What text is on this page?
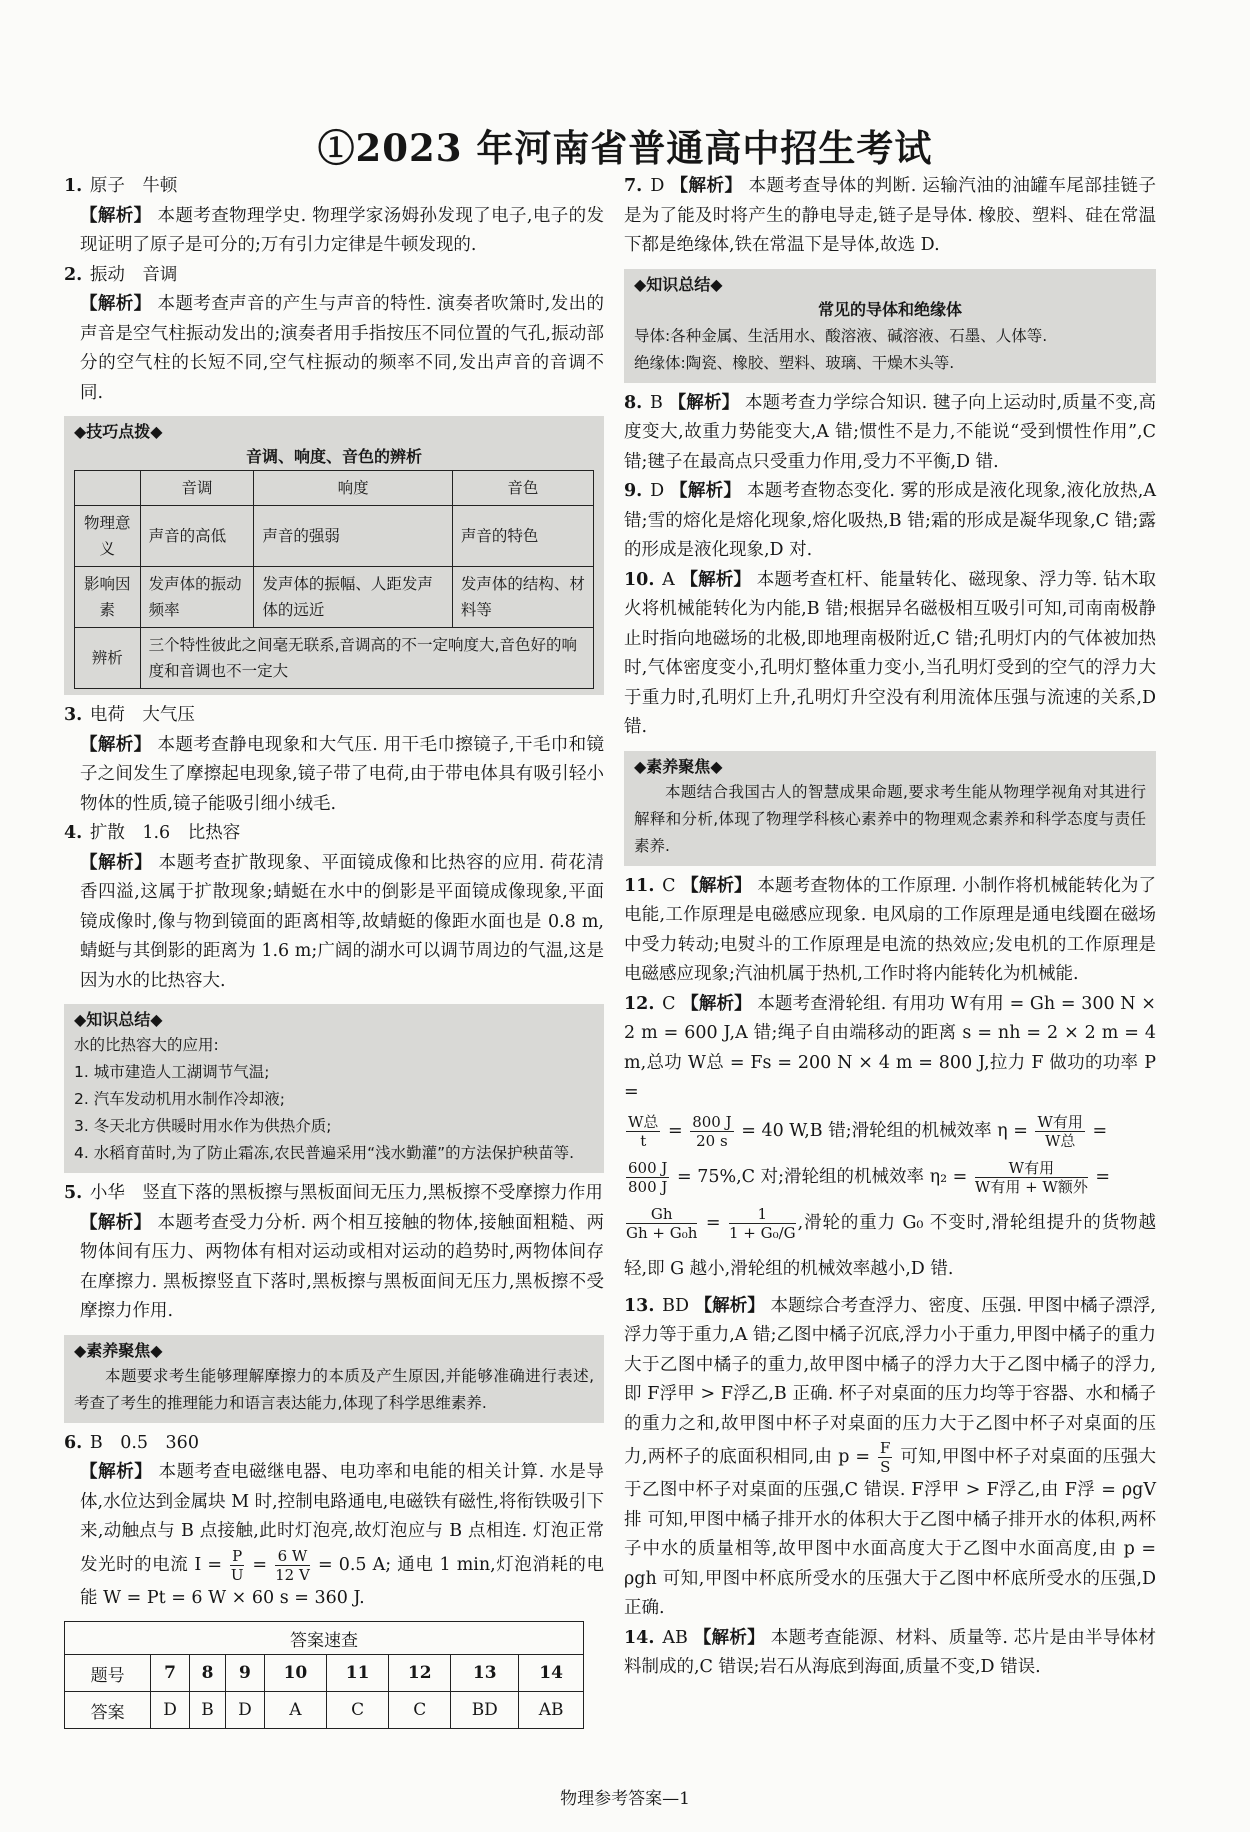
①2023 年河南省普通高中招生考试

1. 原子　牛顿

【解析】 本题考查物理学史. 物理学家汤姆孙发现了电子,电子的发现证明了原子是可分的;万有引力定律是牛顿发现的.

2. 振动　音调

【解析】 本题考查声音的产生与声音的特性. 演奏者吹箫时,发出的声音是空气柱振动发出的;演奏者用手指按压不同位置的气孔,振动部分的空气柱的长短不同,空气柱振动的频率不同,发出声音的音调不同.

◆技巧点拨◆
音调、响度、音色的辨析
	音调	响度	音色
物理意义	声音的高低	声音的强弱	声音的特色
影响因素	发声体的振动频率	发声体的振幅、人距发声体的远近	发声体的结构、材料等
辨析	三个特性彼此之间毫无联系,音调高的不一定响度大,音色好的响度和音调也不一定大		

3. 电荷　大气压

【解析】 本题考查静电现象和大气压. 用干毛巾擦镜子,干毛巾和镜子之间发生了摩擦起电现象,镜子带了电荷,由于带电体具有吸引轻小物体的性质,镜子能吸引细小绒毛.

4. 扩散　1.6　比热容

【解析】 本题考查扩散现象、平面镜成像和比热容的应用. 荷花清香四溢,这属于扩散现象;蜻蜓在水中的倒影是平面镜成像现象,平面镜成像时,像与物到镜面的距离相等,故蜻蜓的像距水面也是 0.8 m,蜻蜓与其倒影的距离为 1.6 m;广阔的湖水可以调节周边的气温,这是因为水的比热容大.

◆知识总结◆

水的比热容大的应用:

1. 城市建造人工湖调节气温;

2. 汽车发动机用水制作冷却液;

3. 冬天北方供暖时用水作为供热介质;

4. 水稻育苗时,为了防止霜冻,农民普遍采用“浅水勤灌”的方法保护秧苗等.

5. 小华　竖直下落的黑板擦与黑板面间无压力,黑板擦不受摩擦力作用

【解析】 本题考查受力分析. 两个相互接触的物体,接触面粗糙、两物体间有压力、两物体有相对运动或相对运动的趋势时,两物体间存在摩擦力. 黑板擦竖直下落时,黑板擦与黑板面间无压力,黑板擦不受摩擦力作用.

◆素养聚焦◆

本题要求考生能够理解摩擦力的本质及产生原因,并能够准确进行表述,考查了考生的推理能力和语言表达能力,体现了科学思维素养.

6. B　0.5　360

【解析】 本题考查电磁继电器、电功率和电能的相关计算. 水是导体,水位达到金属块 M 时,控制电路通电,电磁铁有磁性,将衔铁吸引下来,动触点与 B 点接触,此时灯泡亮,故灯泡应与 B 点相连. 灯泡正常发光时的电流 $I = \frac{P}{U} = \frac{6 W}{12 V} = 0.5$ A; 通电 1 min,灯泡消耗的电能 W = Pt = 6 W × 60 s = 360 J.

答案速查								
题号	7	8	9	10	11	12	13	14
答案	D	B	D	A	C	C	BD	AB

7. D 【解析】 本题考查导体的判断. 运输汽油的油罐车尾部挂链子是为了能及时将产生的静电导走,链子是导体. 橡胶、塑料、硅在常温下都是绝缘体,铁在常温下是导体,故选 D.

◆知识总结◆
常见的导体和绝缘体

导体:各种金属、生活用水、酸溶液、碱溶液、石墨、人体等.

绝缘体:陶瓷、橡胶、塑料、玻璃、干燥木头等.

8. B 【解析】 本题考查力学综合知识. 毽子向上运动时,质量不变,高度变大,故重力势能变大,A 错;惯性不是力,不能说“受到惯性作用”,C 错;毽子在最高点只受重力作用,受力不平衡,D 错.

9. D 【解析】 本题考查物态变化. 雾的形成是液化现象,液化放热,A 错;雪的熔化是熔化现象,熔化吸热,B 错;霜的形成是凝华现象,C 错;露的形成是液化现象,D 对.

10. A 【解析】 本题考查杠杆、能量转化、磁现象、浮力等. 钻木取火将机械能转化为内能,B 错;根据异名磁极相互吸引可知,司南南极静止时指向地磁场的北极,即地理南极附近,C 错;孔明灯内的气体被加热时,气体密度变小,孔明灯整体重力变小,当孔明灯受到的空气的浮力大于重力时,孔明灯上升,孔明灯升空没有利用流体压强与流速的关系,D 错.

◆素养聚焦◆

本题结合我国古人的智慧成果命题,要求考生能从物理学视角对其进行解释和分析,体现了物理学科核心素养中的物理观念素养和科学态度与责任素养.

11. C 【解析】 本题考查物体的工作原理. 小制作将机械能转化为了电能,工作原理是电磁感应现象. 电风扇的工作原理是通电线圈在磁场中受力转动;电熨斗的工作原理是电流的热效应;发电机的工作原理是电磁感应现象;汽油机属于热机,工作时将内能转化为机械能.

12. C 【解析】 本题考查滑轮组. 有用功 W有用 = Gh = 300 N × 2 m = 600 J,A 错;绳子自由端移动的距离 s = nh = 2 × 2 m = 4 m,总功 W总 = Fs = 200 N × 4 m = 800 J,拉力 F 做功的功率 P =

$\frac{\text{W总}}{t} = \frac{800 J}{20 s} = 40$ W,B 错;滑轮组的机械效率 $\eta = \frac{\text{W有用}}{\text{W总}}$ =

$\frac{600 J}{800 J} = 75\%,C$ 对;滑轮组的机械效率 $\eta_2 = \frac{\text{W有用}}{\text{W有用 + W额外}}$ =

$\frac{Gh}{\text{Gh + G₀h}} = \frac{1}{\text{1 + G₀/G}}$ ,滑轮的重力 G₀ 不变时,滑轮组提升的货物越轻,即 G 越小,滑轮组的机械效率越小,D 错.

13. BD 【解析】 本题综合考查浮力、密度、压强. 甲图中橘子漂浮,浮力等于重力,A 错;乙图中橘子沉底,浮力小于重力,甲图中橘子的重力大于乙图中橘子的重力,故甲图中橘子的浮力大于乙图中橘子的浮力,即 F浮甲 > F浮乙,B 正确. 杯子对桌面的压力均等于容器、水和橘子的重力之和,故甲图中杯子对桌面的压力大于乙图中杯子对桌面的压力,两杯子的底面积相同,由 $p = \frac{F}{S}$ 可知,甲图中杯子对桌面的压强大于乙图中杯子对桌面的压强,C 错误. F浮甲 > F浮乙,由 F浮 = ρgV排 可知,甲图中橘子排开水的体积大于乙图中橘子排开水的体积,两杯子中水的质量相等,故甲图中水面高度大于乙图中水面高度,由 p = ρgh 可知,甲图中杯底所受水的压强大于乙图中杯底所受水的压强,D 正确.

14. AB 【解析】 本题考查能源、材料、质量等. 芯片是由半导体材料制成的,C 错误;岩石从海底到海面,质量不变,D 错误.

物理参考答案—1
